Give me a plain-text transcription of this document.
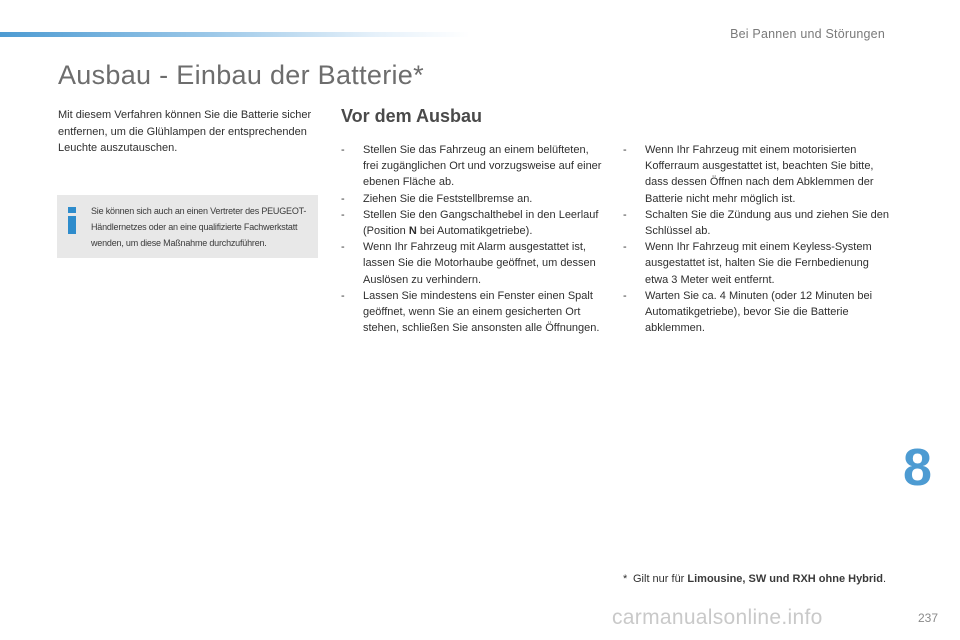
Bei Pannen und Störungen
Ausbau - Einbau der Batterie*

Mit diesem Verfahren können Sie die Batterie sicher entfernen, um die Glühlampen der entsprechenden Leuchte auszutauschen.

Sie können sich auch an einen Vertreter des PEUGEOT-Händlernetzes oder an eine qualifizierte Fachwerkstatt wenden, um diese Maßnahme durchzuführen.

Vor dem Ausbau
- Stellen Sie das Fahrzeug an einem belüfteten, frei zugänglichen Ort und vorzugsweise auf einer ebenen Fläche ab.
- Ziehen Sie die Feststellbremse an.
- Stellen Sie den Gangschalthebel in den Leerlauf (Position N bei Automatikgetriebe).
- Wenn Ihr Fahrzeug mit Alarm ausgestattet ist, lassen Sie die Motorhaube geöffnet, um dessen Auslösen zu verhindern.
- Lassen Sie mindestens ein Fenster einen Spalt geöffnet, wenn Sie an einem gesicherten Ort stehen, schließen Sie ansonsten alle Öffnungen.
- Wenn Ihr Fahrzeug mit einem motorisierten Kofferraum ausgestattet ist, beachten Sie bitte, dass dessen Öffnen nach dem Abklemmen der Batterie nicht mehr möglich ist.
- Schalten Sie die Zündung aus und ziehen Sie den Schlüssel ab.
- Wenn Ihr Fahrzeug mit einem Keyless-System ausgestattet ist, halten Sie die Fernbedienung etwa 3 Meter weit entfernt.
- Warten Sie ca. 4 Minuten (oder 12 Minuten bei Automatikgetriebe), bevor Sie die Batterie abklemmen.
8
* Gilt nur für Limousine, SW und RXH ohne Hybrid.
carmanualsonline.info	237
